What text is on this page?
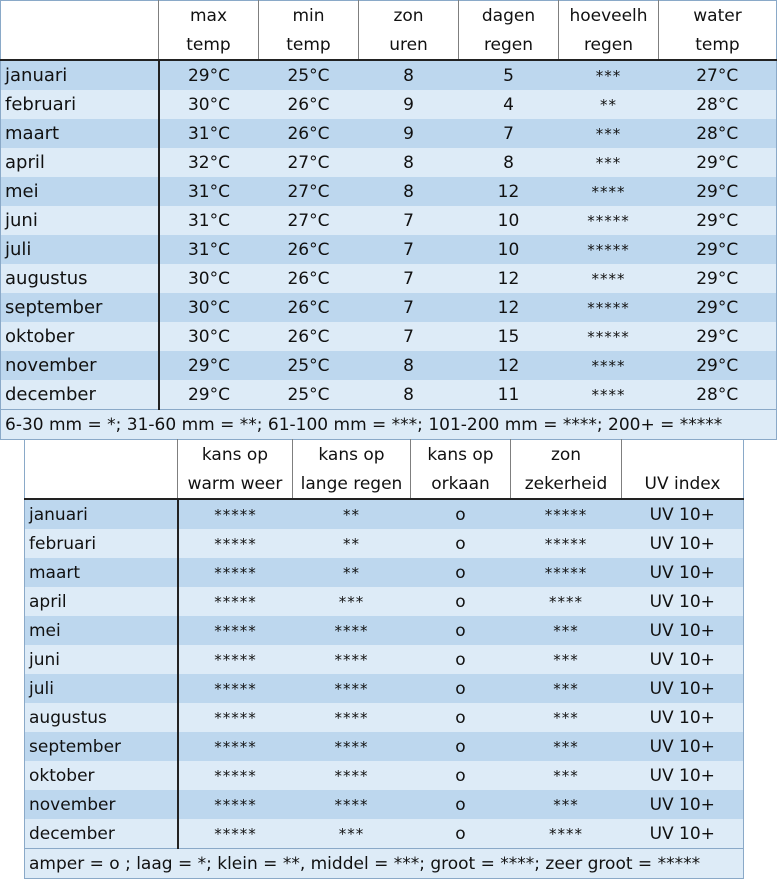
	max	min	zon	dagen	hoeveelh	water
	temp	temp	uren	regen	regen	temp
januari	29°C	25°C	8	5	***	27°C
februari	30°C	26°C	9	4	**	28°C
maart	31°C	26°C	9	7	***	28°C
april	32°C	27°C	8	8	***	29°C
mei	31°C	27°C	8	12	****	29°C
juni	31°C	27°C	7	10	*****	29°C
juli	31°C	26°C	7	10	*****	29°C
augustus	30°C	26°C	7	12	****	29°C
september	30°C	26°C	7	12	*****	29°C
oktober	30°C	26°C	7	15	*****	29°C
november	29°C	25°C	8	12	****	29°C
december	29°C	25°C	8	11	****	28°C
6-30 mm = *; 31-60 mm = **; 61-100 mm = ***; 101-200 mm = ****; 200+ = *****						
	kans op	kans op	kans op	zon	
	warm weer	lange regen	orkaan	zekerheid	UV index
januari	*****	**	o	*****	UV 10+
februari	*****	**	o	*****	UV 10+
maart	*****	**	o	*****	UV 10+
april	*****	***	o	****	UV 10+
mei	*****	****	o	***	UV 10+
juni	*****	****	o	***	UV 10+
juli	*****	****	o	***	UV 10+
augustus	*****	****	o	***	UV 10+
september	*****	****	o	***	UV 10+
oktober	*****	****	o	***	UV 10+
november	*****	****	o	***	UV 10+
december	*****	***	o	****	UV 10+
amper = o ; laag = *; klein = **, middel = ***; groot = ****; zeer groot = *****					
